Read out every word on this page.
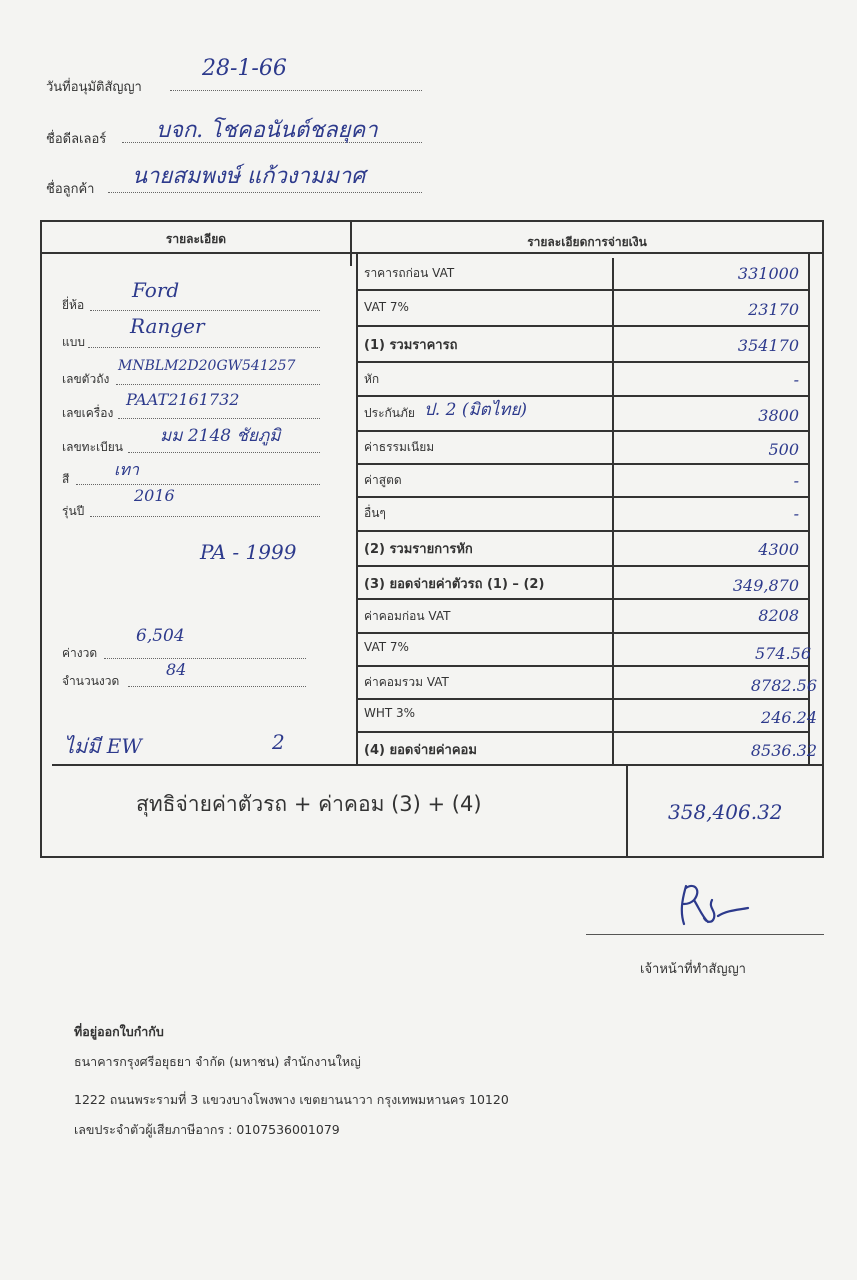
วันที่อนุมัติสัญญา
28-1-66
ชื่อดีลเลอร์ บจก. โชคอนันต์ชลยุคา
ชื่อลูกค้า
นายสมพงษ์ แก้วงามมาศ
รายละเอียด	รายละเอียดการจ่ายเงิน
ยี่ห้อ
Ford
แบบ
Ranger
เลขตัวถัง
MNBLM2D20GW541257
เลขเครื่อง
PAAT2161732
เลขทะเบียน
มม 2148 ชัยภูมิ
สี	เทา
รุ่นปี
2016
PA - 1999
ค่างวด
6,504
จำนวนงวด
84
ไม่มี EW	2
ราคารถก่อน VAT	331000
VAT 7%	23170
(1) รวมราคารถ	354170
หัก	-
ประกันภัย ป. 2 (มิตไทย)	3800
ค่าธรรมเนียม	500
ค่าสูตด	-
อื่นๆ	-
(2) รวมรายการหัก	4300
(3) ยอดจ่ายค่าตัวรถ (1) – (2)	349,870
ค่าคอมก่อน VAT	8208
VAT 7%	574.56
ค่าคอมรวม VAT	8782.56
WHT 3%	246.24
(4) ยอดจ่ายค่าคอม	8536.32
สุทธิจ่ายค่าตัวรถ + ค่าคอม (3) + (4)	358,406.32
เจ้าหน้าที่ทำสัญญา
ที่อยู่ออกใบกำกับ
ธนาคารกรุงศรีอยุธยา จำกัด (มหาชน) สำนักงานใหญ่
1222 ถนนพระรามที่ 3 แขวงบางโพงพาง เขตยานนาวา กรุงเทพมหานคร 10120
เลขประจำตัวผู้เสียภาษีอากร : 0107536001079
